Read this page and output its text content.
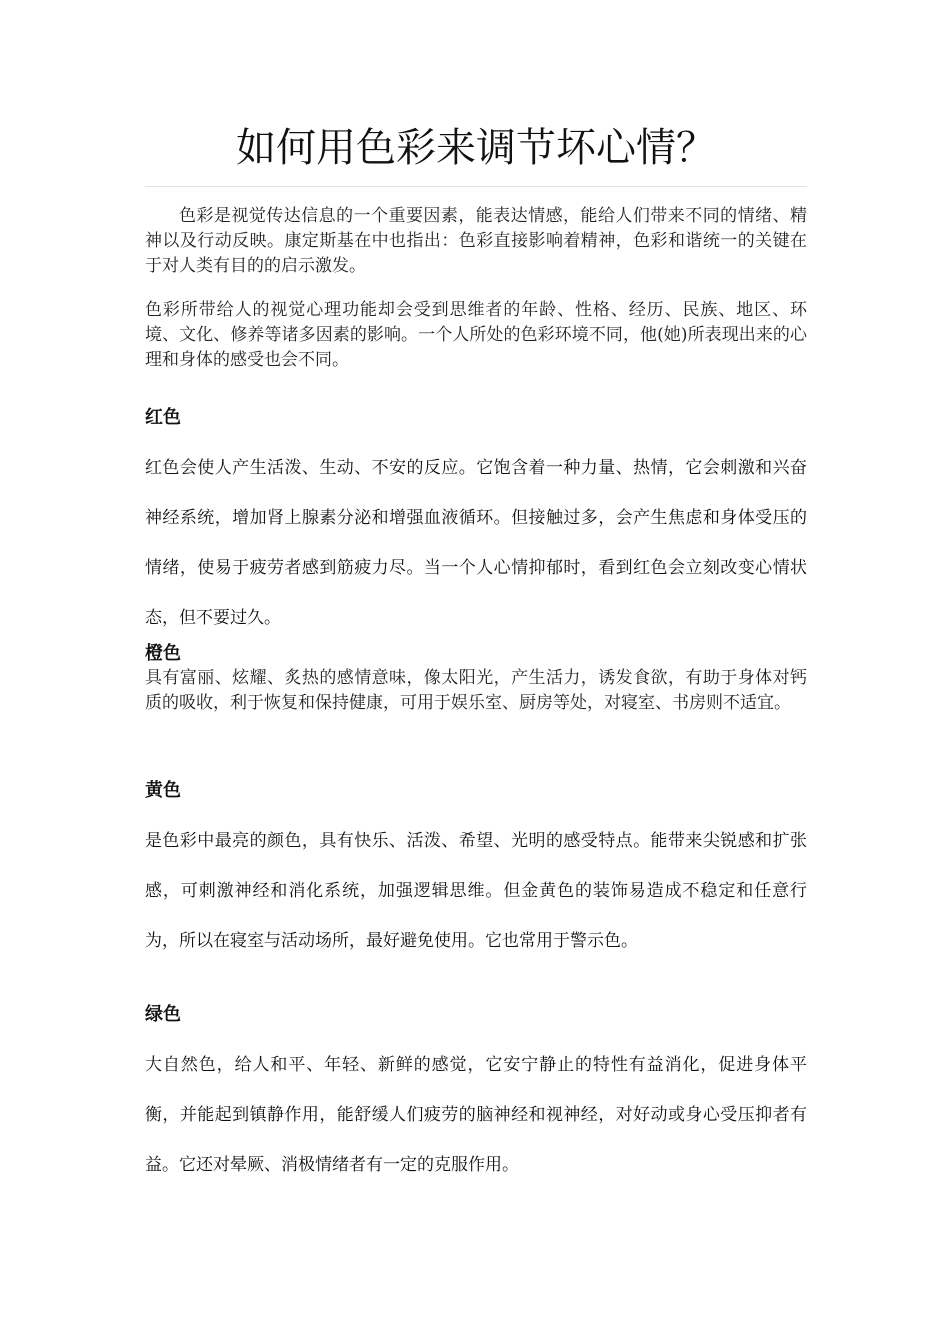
如何用色彩来调节坏心情？

色彩是视觉传达信息的一个重要因素，能表达情感，能给人们带来不同的情绪、精神以及行动反映。康定斯基在中也指出：色彩直接影响着精神，色彩和谐统一的关键在于对人类有目的的启示激发。

色彩所带给人的视觉心理功能却会受到思维者的年龄、性格、经历、民族、地区、环境、文化、修养等诸多因素的影响。一个人所处的色彩环境不同，他(她)所表现出来的心理和身体的感受也会不同。

红色

红色会使人产生活泼、生动、不安的反应。它饱含着一种力量、热情，它会刺激和兴奋神经系统，增加肾上腺素分泌和增强血液循环。但接触过多，会产生焦虑和身体受压的情绪，使易于疲劳者感到筋疲力尽。当一个人心情抑郁时，看到红色会立刻改变心情状态，但不要过久。

橙色

具有富丽、炫耀、炙热的感情意味，像太阳光，产生活力，诱发食欲，有助于身体对钙质的吸收，利于恢复和保持健康，可用于娱乐室、厨房等处，对寝室、书房则不适宜。

黄色

是色彩中最亮的颜色，具有快乐、活泼、希望、光明的感受特点。能带来尖锐感和扩张感，可刺激神经和消化系统，加强逻辑思维。但金黄色的装饰易造成不稳定和任意行为，所以在寝室与活动场所，最好避免使用。它也常用于警示色。

绿色

大自然色，给人和平、年轻、新鲜的感觉，它安宁静止的特性有益消化，促进身体平衡，并能起到镇静作用，能舒缓人们疲劳的脑神经和视神经，对好动或身心受压抑者有益。它还对晕厥、消极情绪者有一定的克服作用。
